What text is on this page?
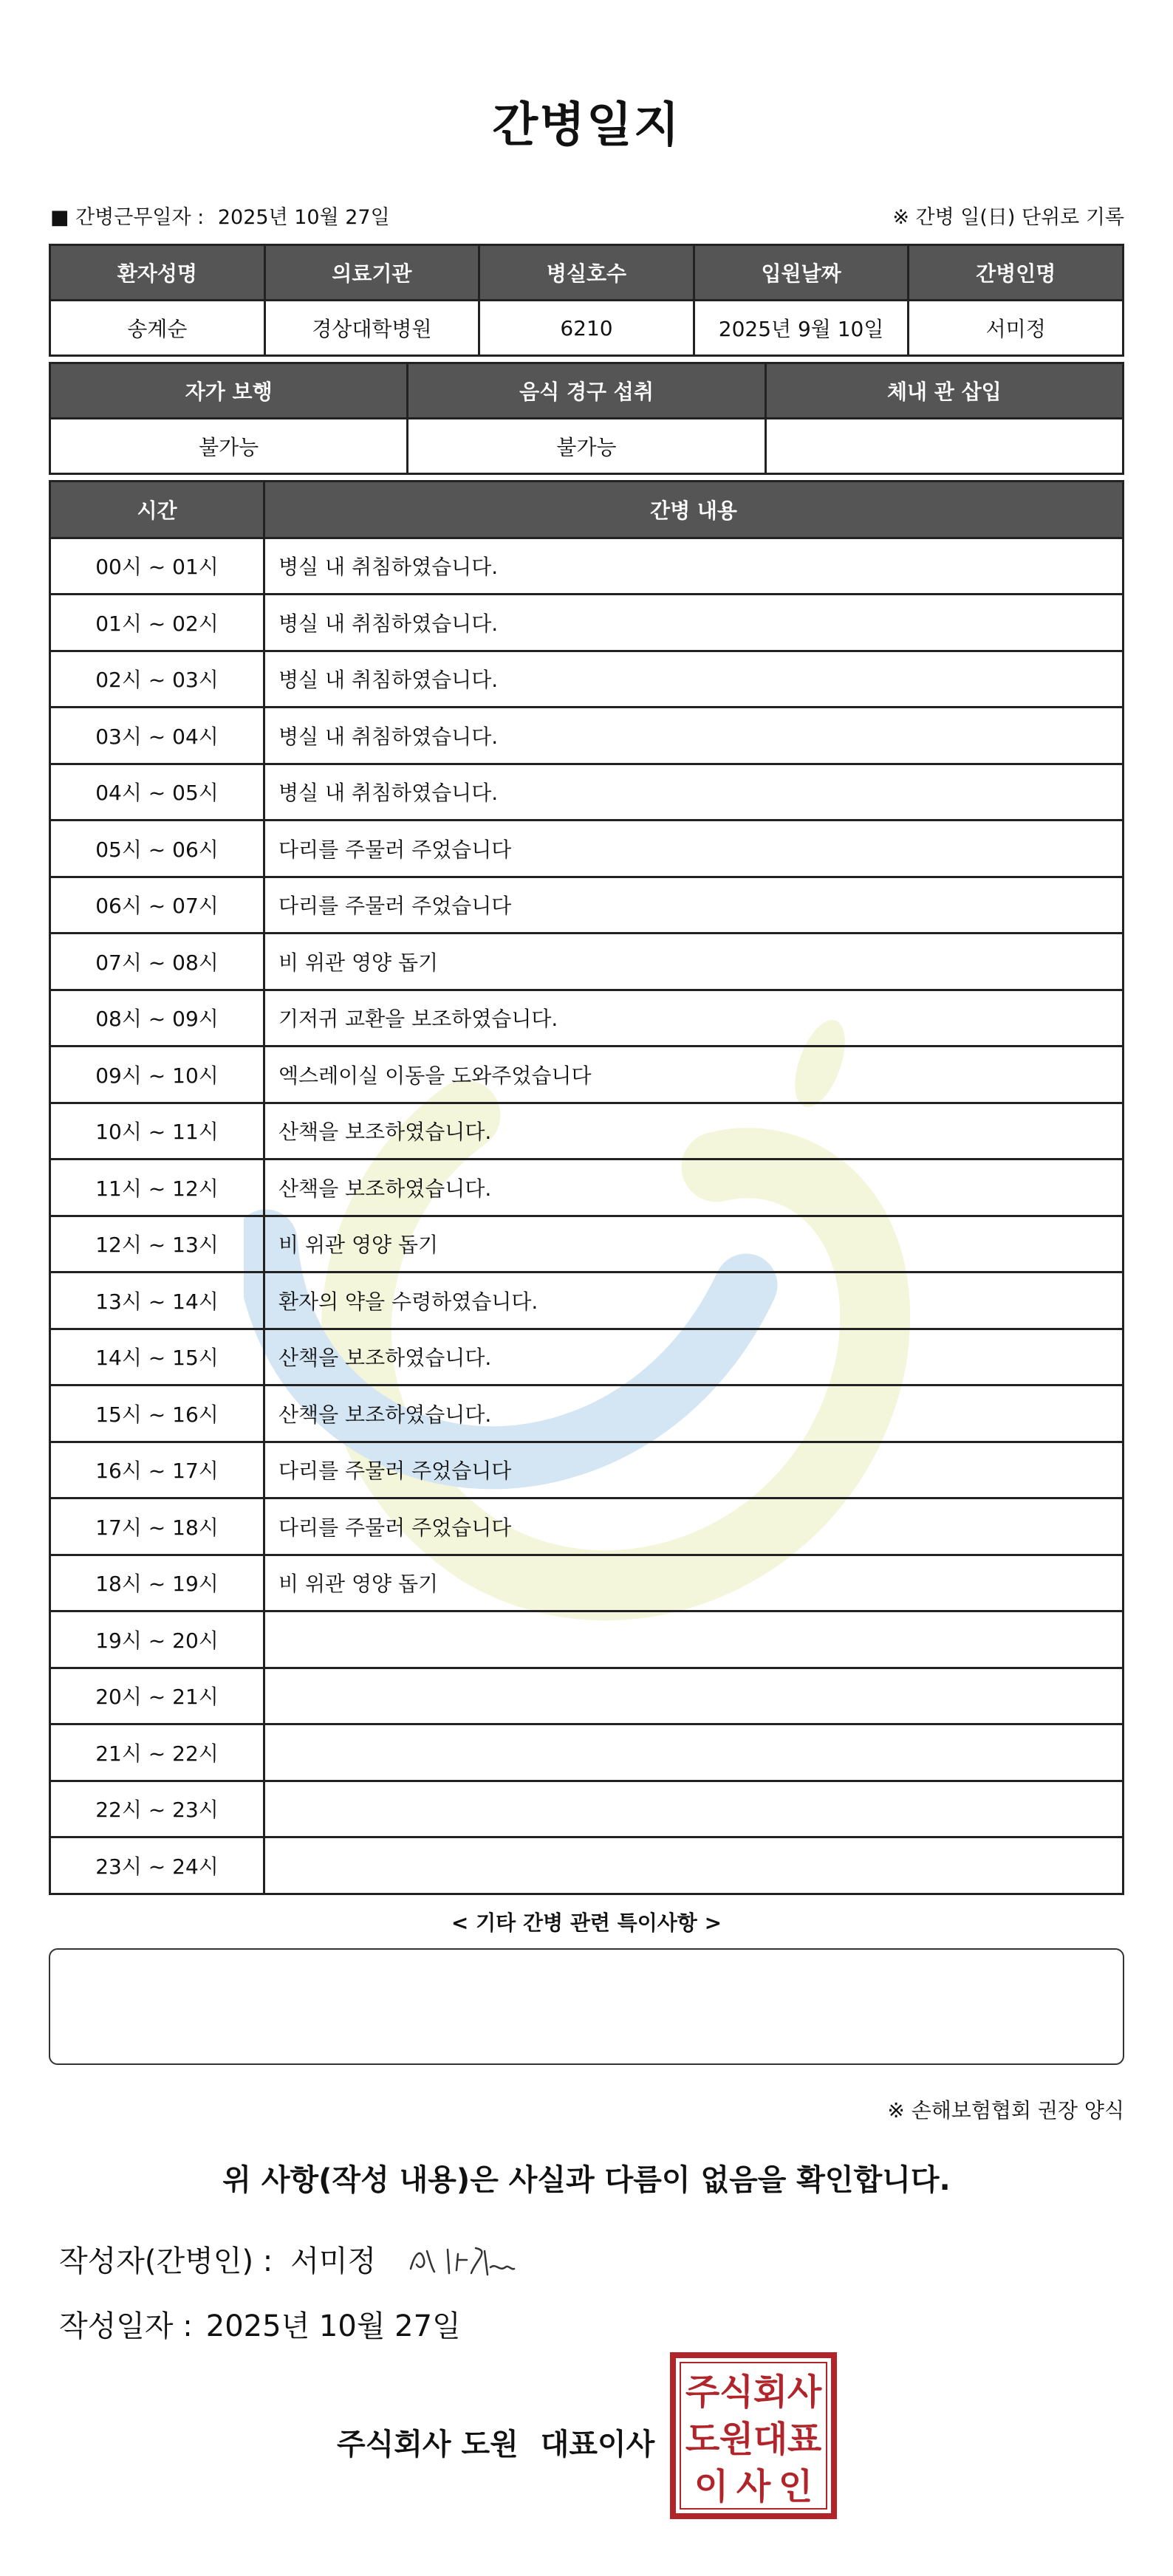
간병일지
■ 간병근무일자 : 2025년 10월 27일	※ 간병 일(日) 단위로 기록
환자성명	의료기관	병실호수	입원날짜	간병인명
송계순	경상대학병원	6210	2025년 9월 10일	서미정
자가 보행	음식 경구 섭취	체내 관 삽입
불가능	불가능	
시간	간병 내용
00시 ~ 01시	병실 내 취침하였습니다.
01시 ~ 02시	병실 내 취침하였습니다.
02시 ~ 03시	병실 내 취침하였습니다.
03시 ~ 04시	병실 내 취침하였습니다.
04시 ~ 05시	병실 내 취침하였습니다.
05시 ~ 06시	다리를 주물러 주었습니다
06시 ~ 07시	다리를 주물러 주었습니다
07시 ~ 08시	비 위관 영양 돕기
08시 ~ 09시	기저귀 교환을 보조하였습니다.
09시 ~ 10시	엑스레이실 이동을 도와주었습니다
10시 ~ 11시	산책을 보조하였습니다.
11시 ~ 12시	산책을 보조하였습니다.
12시 ~ 13시	비 위관 영양 돕기
13시 ~ 14시	환자의 약을 수령하였습니다.
14시 ~ 15시	산책을 보조하였습니다.
15시 ~ 16시	산책을 보조하였습니다.
16시 ~ 17시	다리를 주물러 주었습니다
17시 ~ 18시	다리를 주물러 주었습니다
18시 ~ 19시	비 위관 영양 돕기
19시 ~ 20시	
20시 ~ 21시	
21시 ~ 22시	
22시 ~ 23시	
23시 ~ 24시	
< 기타 간병 관련 특이사항 >
※ 손해보험협회 권장 양식
위 사항(작성 내용)은 사실과 다름이 없음을 확인합니다.
작성자(간병인) : 서미정
작성일자 : 2025년 10월 27일
주식회사 도원 대표이사
주 식 회 사
도 원 대 표
이 사 인
